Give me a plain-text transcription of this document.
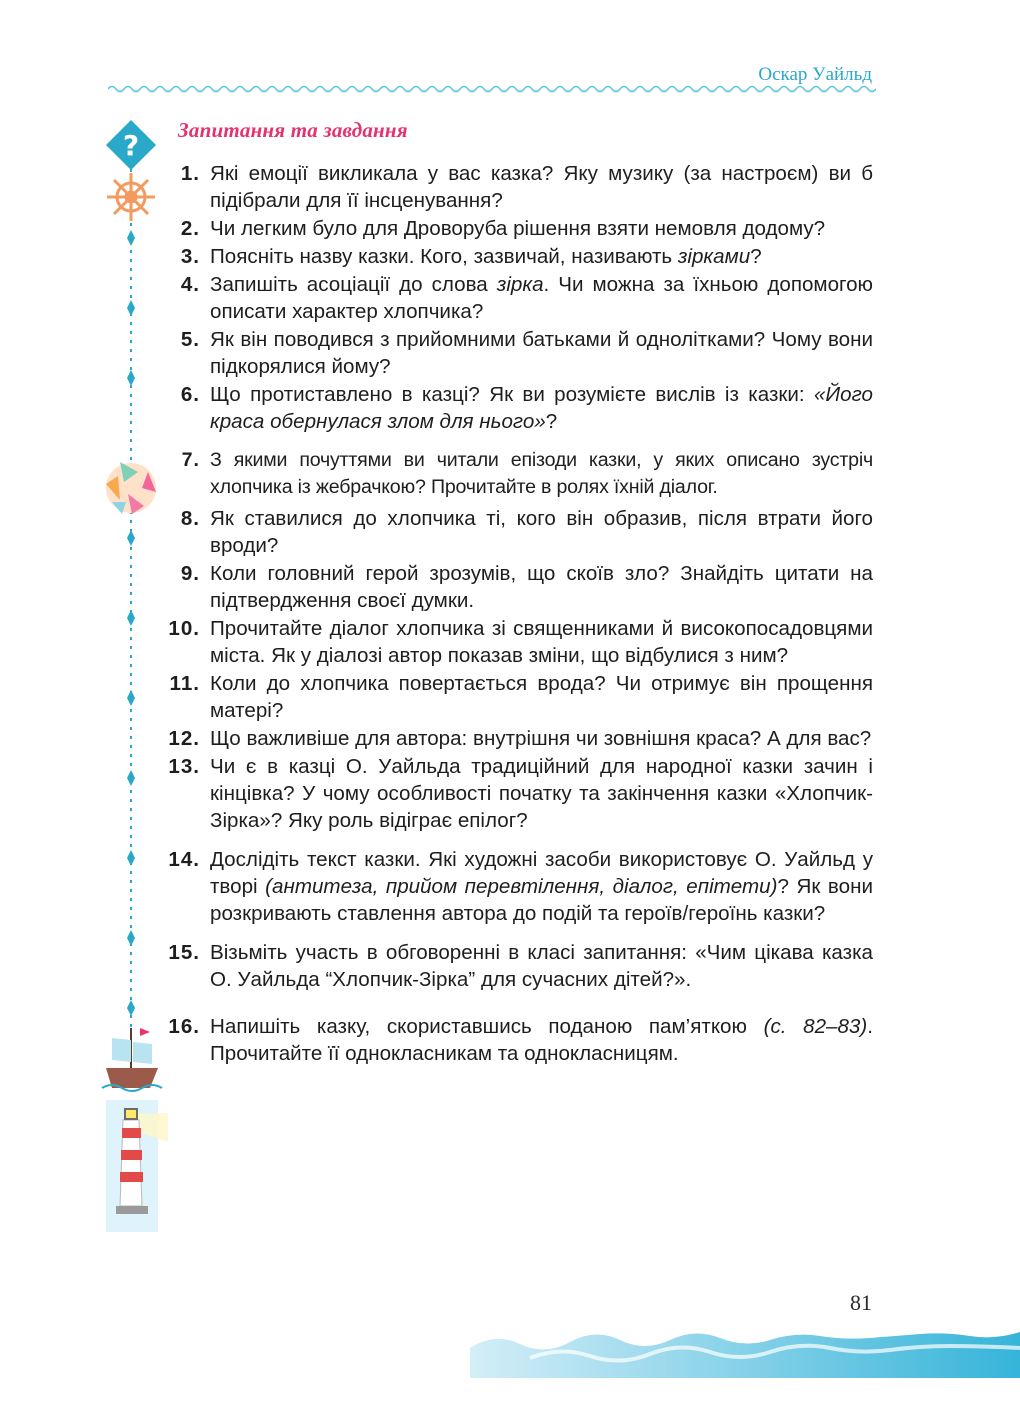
Оскар Уайльд
Запитання та завдання
?
1. Які емоції викликала у вас казка? Яку музику (за настроєм) ви б підібрали для її інсценування?
2. Чи легким було для Дроворуба рішення взяти немовля додому?
3. Поясніть назву казки. Кого, зазвичай, називають зірками?
4. Запишіть асоціації до слова зірка. Чи можна за їхньою допомогою описати характер хлопчика?
5. Як він поводився з прийомними батьками й однолітками? Чому вони підкорялися йому?
6. Що протиставлено в казці? Як ви розумієте вислів із казки: «Його краса обернулася злом для нього»?
7. З якими почуттями ви читали епізоди казки, у яких описано зустріч хлопчика із жебрачкою? Прочитайте в ролях їхній діалог.
8. Як ставилися до хлопчика ті, кого він образив, після втрати його вроди?
9. Коли головний герой зрозумів, що скоїв зло? Знайдіть цитати на підтвердження своєї думки.
10. Прочитайте діалог хлопчика зі священниками й високопосадовцями міста. Як у діалозі автор показав зміни, що відбулися з ним?
11. Коли до хлопчика повертається врода? Чи отримує він прощення матері?
12. Що важливіше для автора: внутрішня чи зовнішня краса? А для вас?
13. Чи є в казці О. Уайльда традиційний для народної казки зачин і кінцівка? У чому особливості початку та закінчення казки «Хлопчик-Зірка»? Яку роль відіграє епілог?
14. Дослідіть текст казки. Які художні засоби використовує О. Уайльд у творі (антитеза, прийом перевтілення, діалог, епітети)? Як вони розкривають ставлення автора до подій та героїв/героїнь казки?
15. Візьміть участь в обговоренні в класі запитання: «Чим цікава казка О. Уайльда “Хлопчик-Зірка” для сучасних дітей?».
16. Напишіть казку, скориставшись поданою пам’яткою (с. 82–83). Прочитайте її однокласникам та однокласницям.
81
